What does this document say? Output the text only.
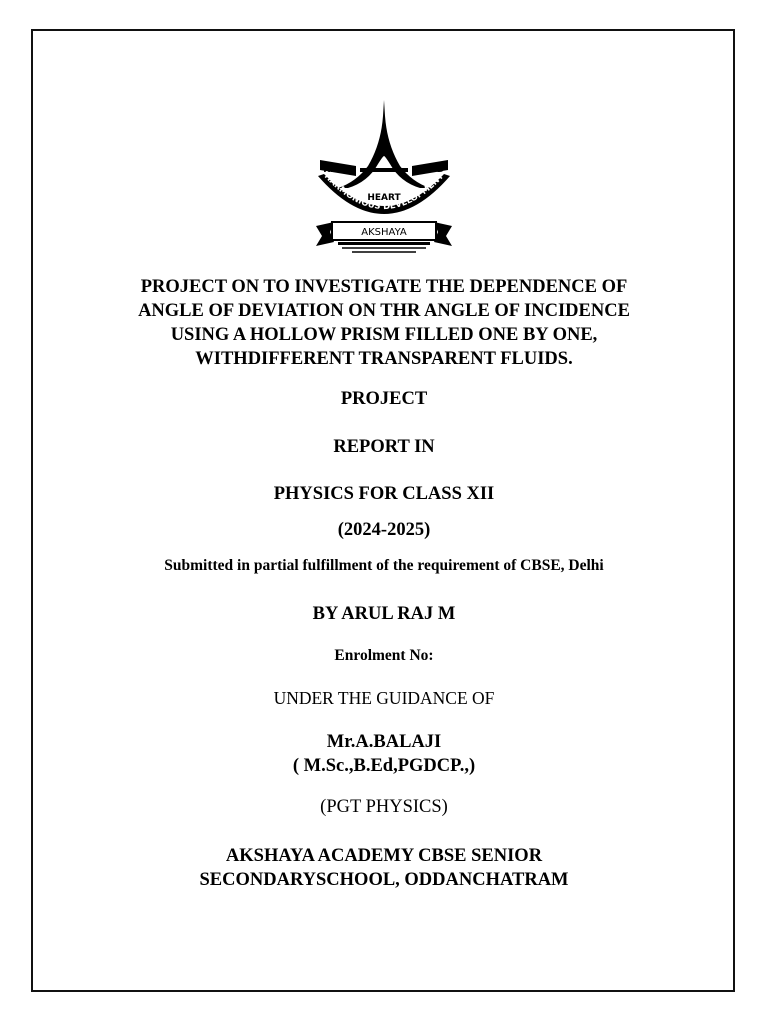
HAND	HEAD
HEART
HARMONIOUS DEVELOPMENT
AKSHAYA
PROJECT ON TO INVESTIGATE THE DEPENDENCE OF
ANGLE OF DEVIATION ON THR ANGLE OF INCIDENCE
USING A HOLLOW PRISM FILLED ONE BY ONE,
WITHDIFFERENT TRANSPARENT FLUIDS.
PROJECT
REPORT IN
PHYSICS FOR CLASS XII
(2024-2025)
Submitted in partial fulfillment of the requirement of CBSE, Delhi
BY ARUL RAJ M
Enrolment No:
UNDER THE GUIDANCE OF
Mr.A.BALAJI
( M.Sc.,B.Ed,PGDCP.,)
(PGT PHYSICS)
AKSHAYA ACADEMY CBSE SENIOR
SECONDARYSCHOOL, ODDANCHATRAM
